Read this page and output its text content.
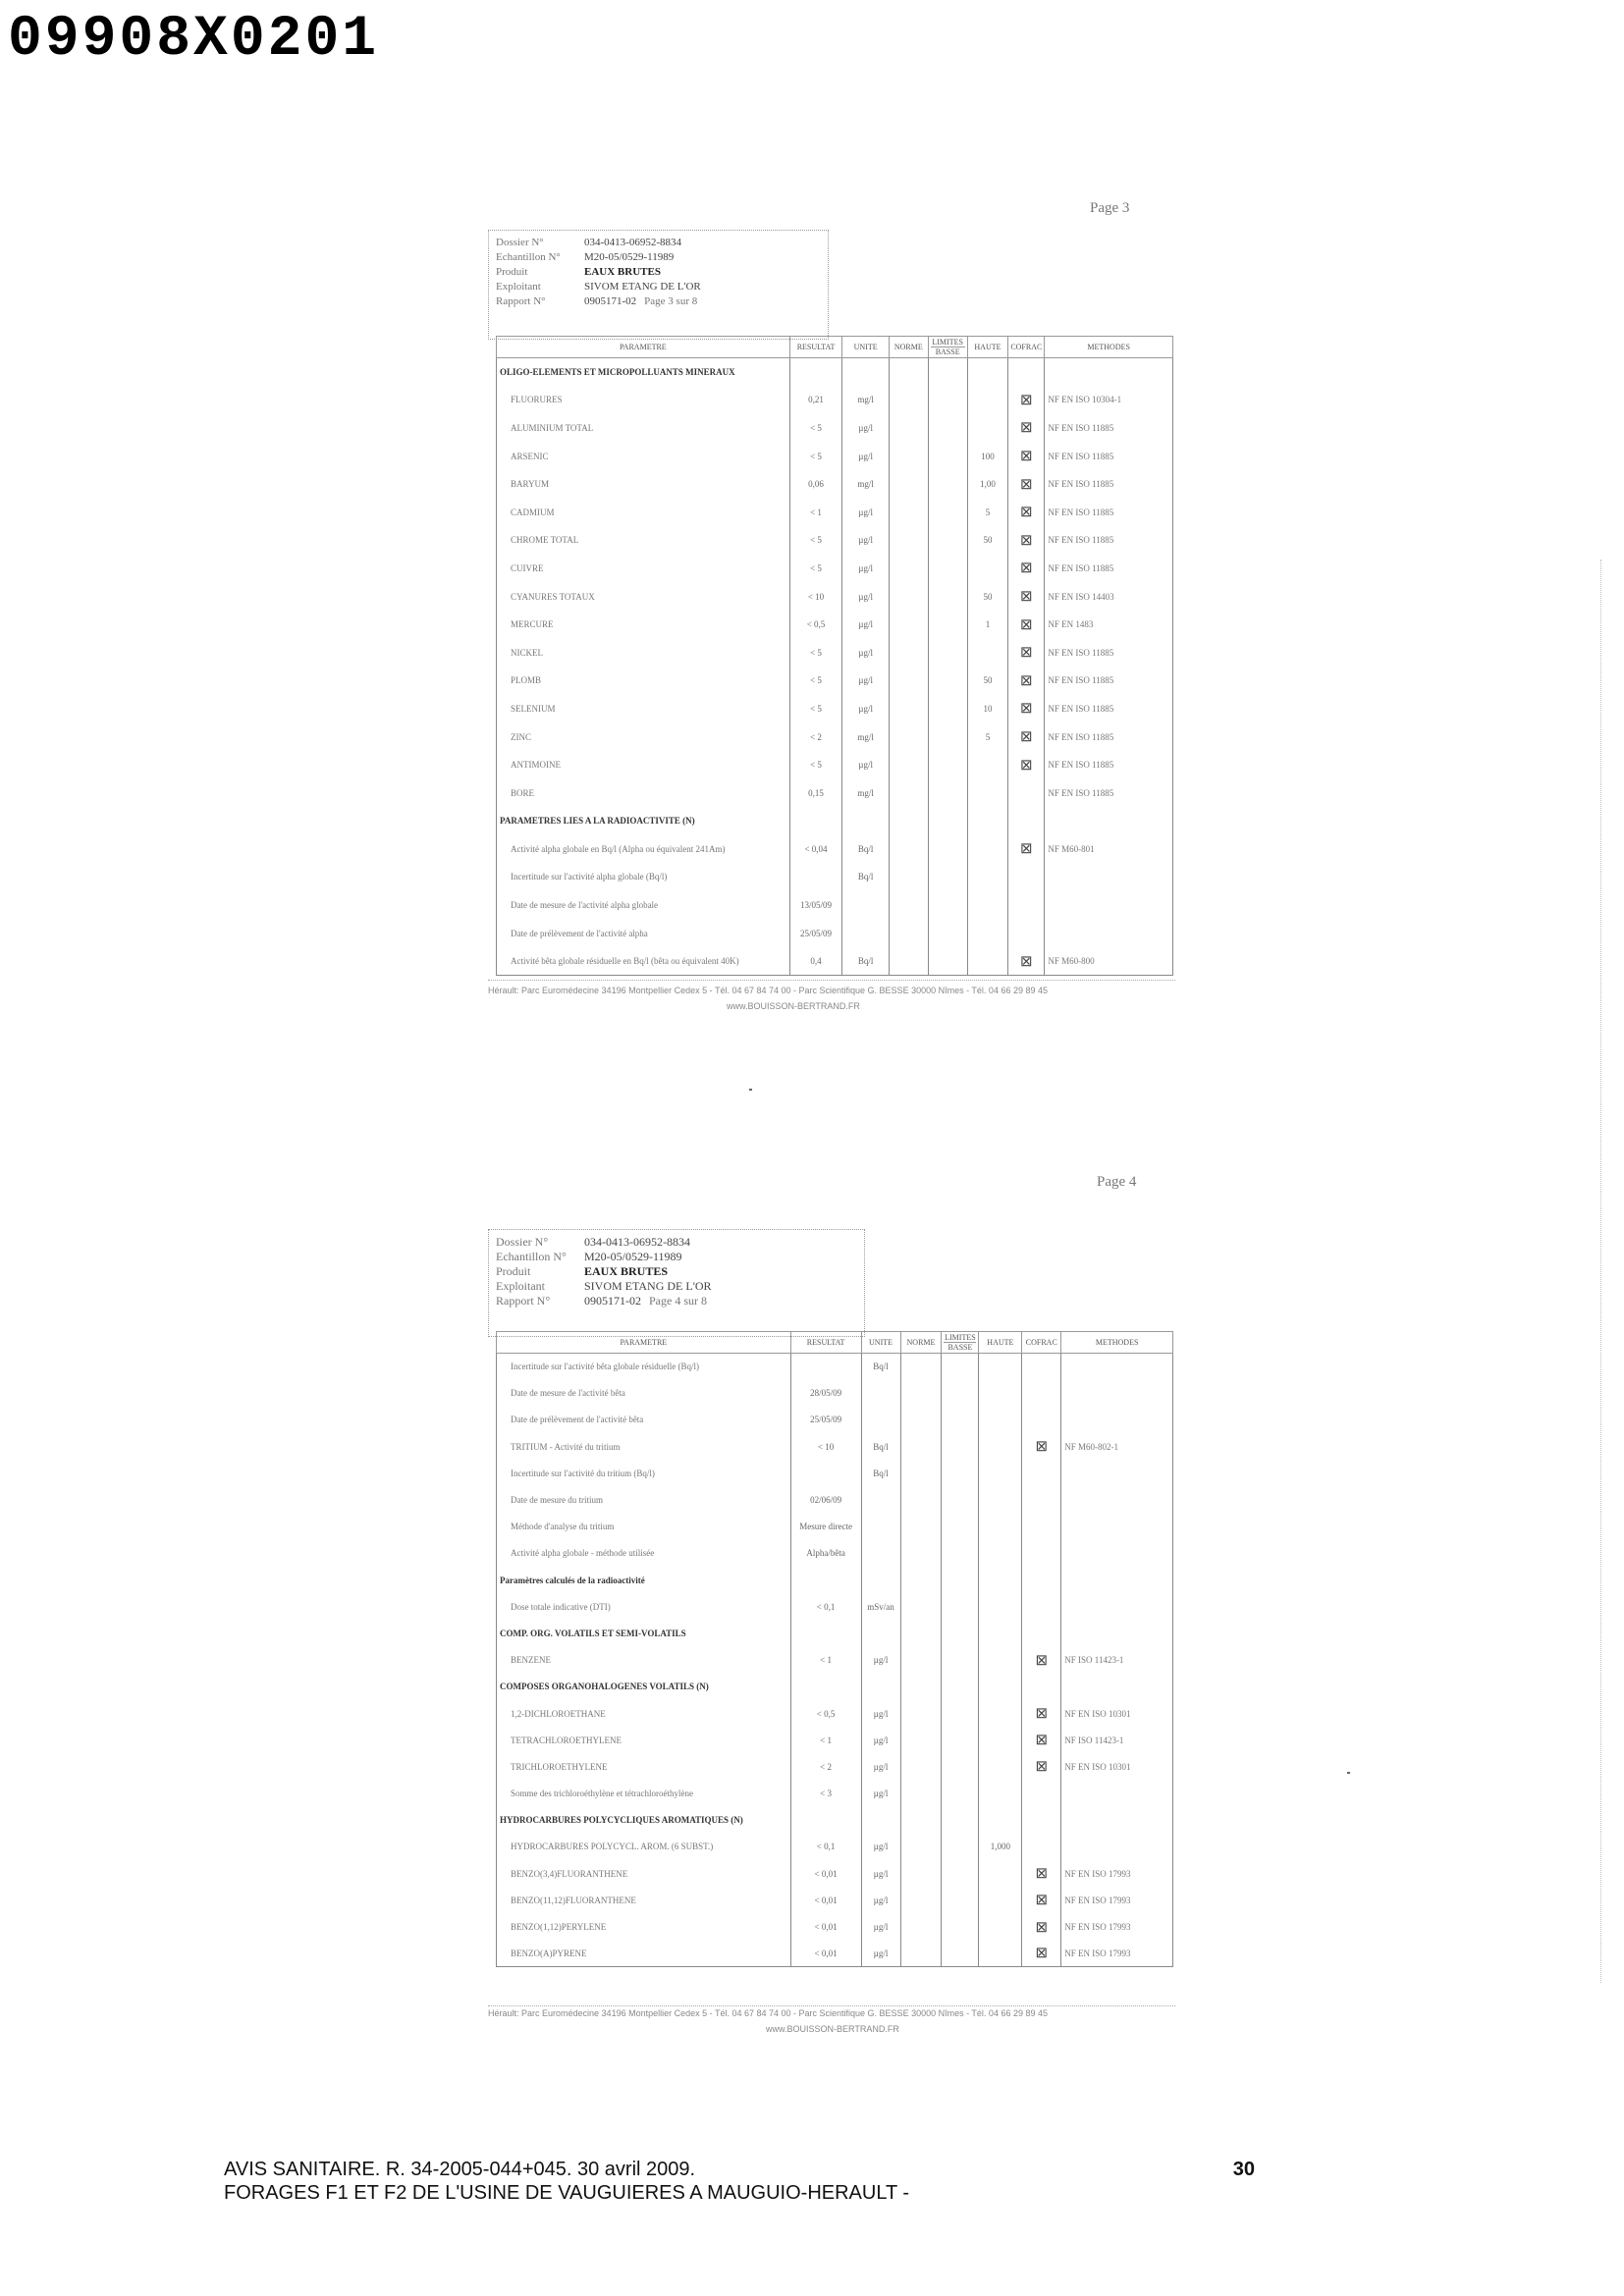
09908X0201
Page 3
Dossier N°	034-0413-06952-8834
Echantillon N°	M20-05/0529-11989
Produit	EAUX BRUTES
Exploitant	SIVOM ETANG DE L'OR
Rapport N°	0905171-02 Page 3 sur 8
PARAMETRE	RESULTAT	UNITE	NORME	LIMITES
BASSE	HAUTE	COFRAC	METHODES
OLIGO-ELEMENTS ET MICROPOLLUANTS MINERAUX							
FLUORURES	0,21	mg/l				⊠	NF EN ISO 10304-1
ALUMINIUM TOTAL	< 5	µg/l				⊠	NF EN ISO 11885
ARSENIC	< 5	µg/l			100	⊠	NF EN ISO 11885
BARYUM	0,06	mg/l			1,00	⊠	NF EN ISO 11885
CADMIUM	< 1	µg/l			5	⊠	NF EN ISO 11885
CHROME TOTAL	< 5	µg/l			50	⊠	NF EN ISO 11885
CUIVRE	< 5	µg/l				⊠	NF EN ISO 11885
CYANURES TOTAUX	< 10	µg/l			50	⊠	NF EN ISO 14403
MERCURE	< 0,5	µg/l			1	⊠	NF EN 1483
NICKEL	< 5	µg/l				⊠	NF EN ISO 11885
PLOMB	< 5	µg/l			50	⊠	NF EN ISO 11885
SELENIUM	< 5	µg/l			10	⊠	NF EN ISO 11885
ZINC	< 2	mg/l			5	⊠	NF EN ISO 11885
ANTIMOINE	< 5	µg/l				⊠	NF EN ISO 11885
BORE	0,15	mg/l					NF EN ISO 11885
PARAMETRES LIES A LA RADIOACTIVITE (N)							
Activité alpha globale en Bq/l (Alpha ou équivalent 241Am)	< 0,04	Bq/l				⊠	NF M60-801
Incertitude sur l'activité alpha globale (Bq/l)		Bq/l					
Date de mesure de l'activité alpha globale	13/05/09						
Date de prélèvement de l'activité alpha	25/05/09						
Activité bêta globale résiduelle en Bq/l (bêta ou équivalent 40K)	0,4	Bq/l				⊠	NF M60-800
Hérault: Parc Euromédecine 34196 Montpellier Cedex 5 - Tél. 04 67 84 74 00 - Parc Scientifique G. BESSE 30000 Nîmes - Tél. 04 66 29 89 45
www.BOUISSON-BERTRAND.FR
Page 4
Dossier N°	034-0413-06952-8834
Echantillon N°	M20-05/0529-11989
Produit	EAUX BRUTES
Exploitant	SIVOM ETANG DE L'OR
Rapport N°	0905171-02 Page 4 sur 8
PARAMETRE	RESULTAT	UNITE	NORME	LIMITES
BASSE	HAUTE	COFRAC	METHODES
Incertitude sur l'activité bêta globale résiduelle (Bq/l)		Bq/l					
Date de mesure de l'activité bêta	28/05/09						
Date de prélèvement de l'activité bêta	25/05/09						
TRITIUM - Activité du tritium	< 10	Bq/l				⊠	NF M60-802-1
Incertitude sur l'activité du tritium (Bq/l)		Bq/l					
Date de mesure du tritium	02/06/09						
Méthode d'analyse du tritium	Mesure directe						
Activité alpha globale - méthode utilisée	Alpha/bêta						
Paramètres calculés de la radioactivité							
Dose totale indicative (DTI)	< 0,1	mSv/an					
COMP. ORG. VOLATILS ET SEMI-VOLATILS							
BENZENE	< 1	µg/l				⊠	NF ISO 11423-1
COMPOSES ORGANOHALOGENES VOLATILS (N)							
1,2-DICHLOROETHANE	< 0,5	µg/l				⊠	NF EN ISO 10301
TETRACHLOROETHYLENE	< 1	µg/l				⊠	NF ISO 11423-1
TRICHLOROETHYLENE	< 2	µg/l				⊠	NF EN ISO 10301
Somme des trichloroéthylène et tétrachloroéthylène	< 3	µg/l					
HYDROCARBURES POLYCYCLIQUES AROMATIQUES (N)							
HYDROCARBURES POLYCYCL. AROM. (6 SUBST.)	< 0,1	µg/l			1,000		
BENZO(3,4)FLUORANTHENE	< 0,01	µg/l				⊠	NF EN ISO 17993
BENZO(11,12)FLUORANTHENE	< 0,01	µg/l				⊠	NF EN ISO 17993
BENZO(1,12)PERYLENE	< 0,01	µg/l				⊠	NF EN ISO 17993
BENZO(A)PYRENE	< 0,01	µg/l				⊠	NF EN ISO 17993
Hérault: Parc Euromédecine 34196 Montpellier Cedex 5 - Tél. 04 67 84 74 00 - Parc Scientifique G. BESSE 30000 Nîmes - Tél. 04 66 29 89 45
www.BOUISSON-BERTRAND.FR
AVIS SANITAIRE. R. 34-2005-044+045. 30 avril 2009.
FORAGES F1 ET F2 DE L'USINE DE VAUGUIERES A MAUGUIO-HERAULT -
30
